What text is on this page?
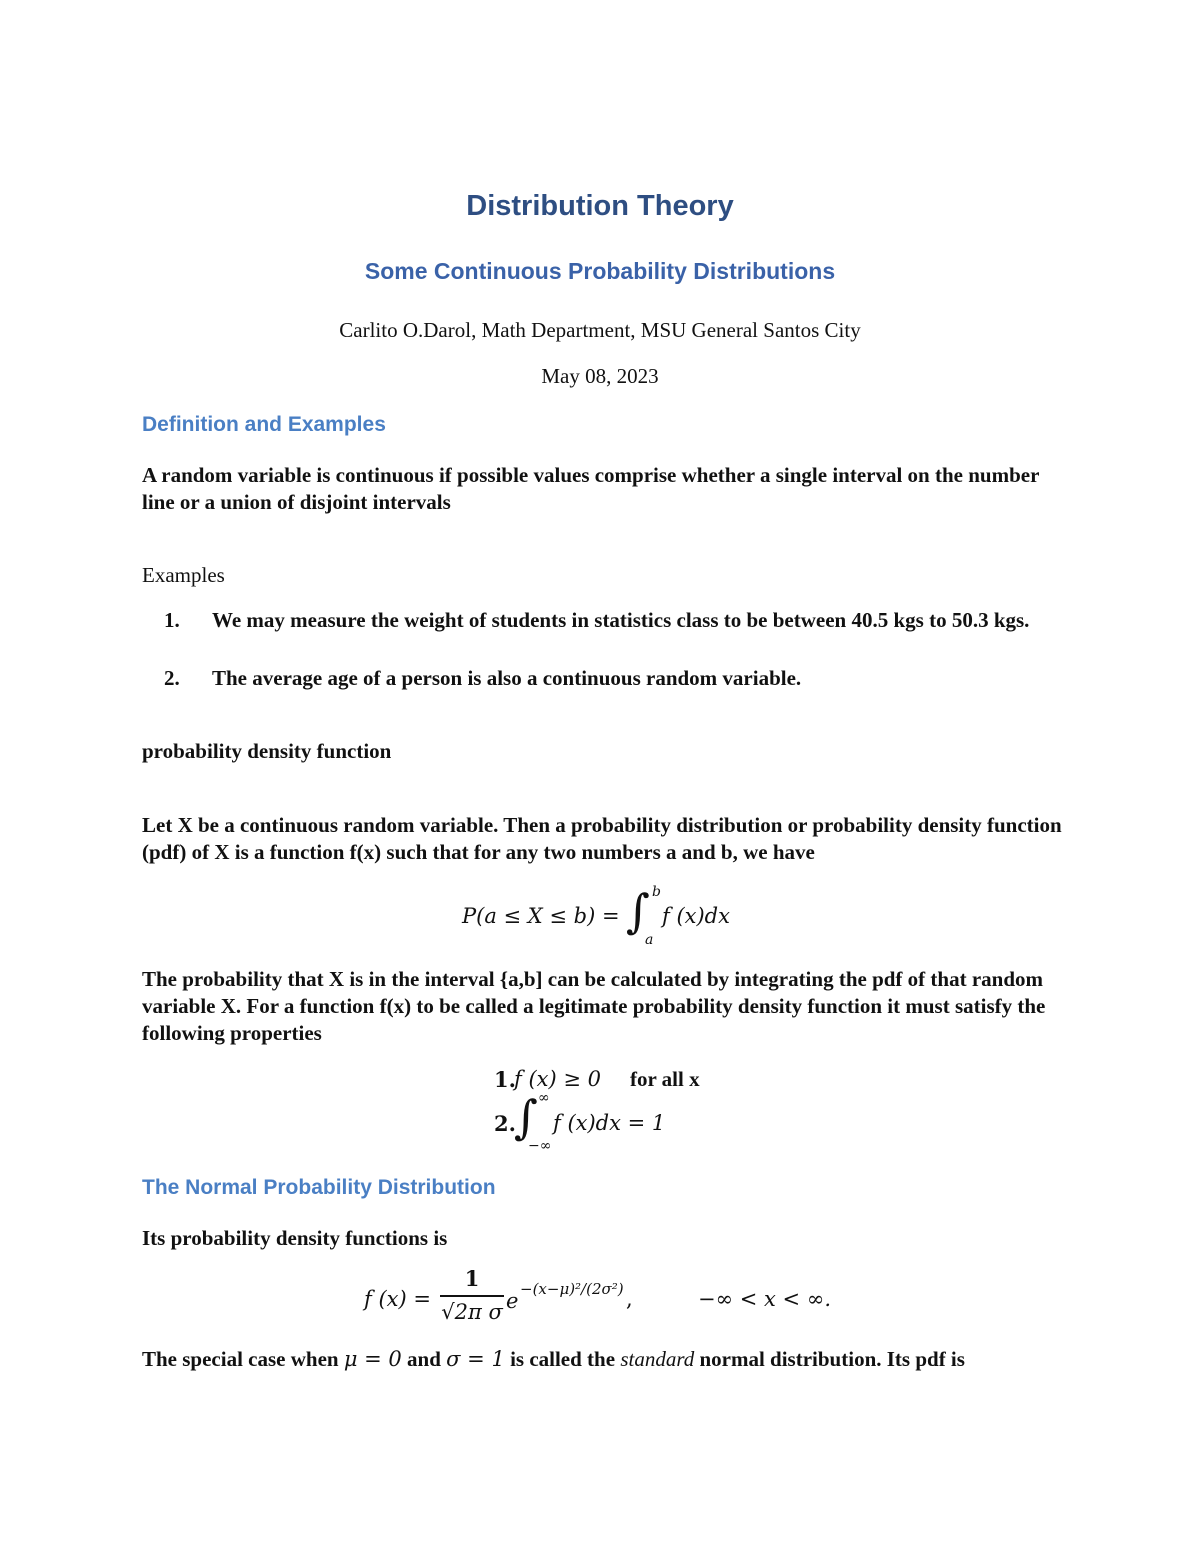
Distribution Theory
Some Continuous Probability Distributions
Carlito O.Darol, Math Department, MSU General Santos City
May 08, 2023
Definition and Examples
A random variable is continuous if possible values comprise whether a single interval on the number line or a union of disjoint intervals
Examples
1. We may measure the weight of students in statistics class to be between 40.5 kgs to 50.3 kgs.
2. The average age of a person is also a continuous random variable.
probability density function
Let X be a continuous random variable. Then a probability distribution or probability density function (pdf) of X is a function f(x) such that for any two numbers a and b, we have
P(a ≤ X ≤ b) = ∫ b
a
f (x)dx
The probability that X is in the interval {a,b] can be calculated by integrating the pdf of that random variable X. For a function f(x) to be called a legitimate probability density function it must satisfy the following properties
1.
f (x) ≥ 0 for all x
2.
∫ ∞
−∞
f (x)dx = 1
The Normal Probability Distribution
Its probability density functions is
f (x) =
1
√2π σ e −(x−μ)²/(2σ²) ,	−∞ < x < ∞.
The special case when μ = 0 and σ = 1 is called the standard normal distribution. Its pdf is
